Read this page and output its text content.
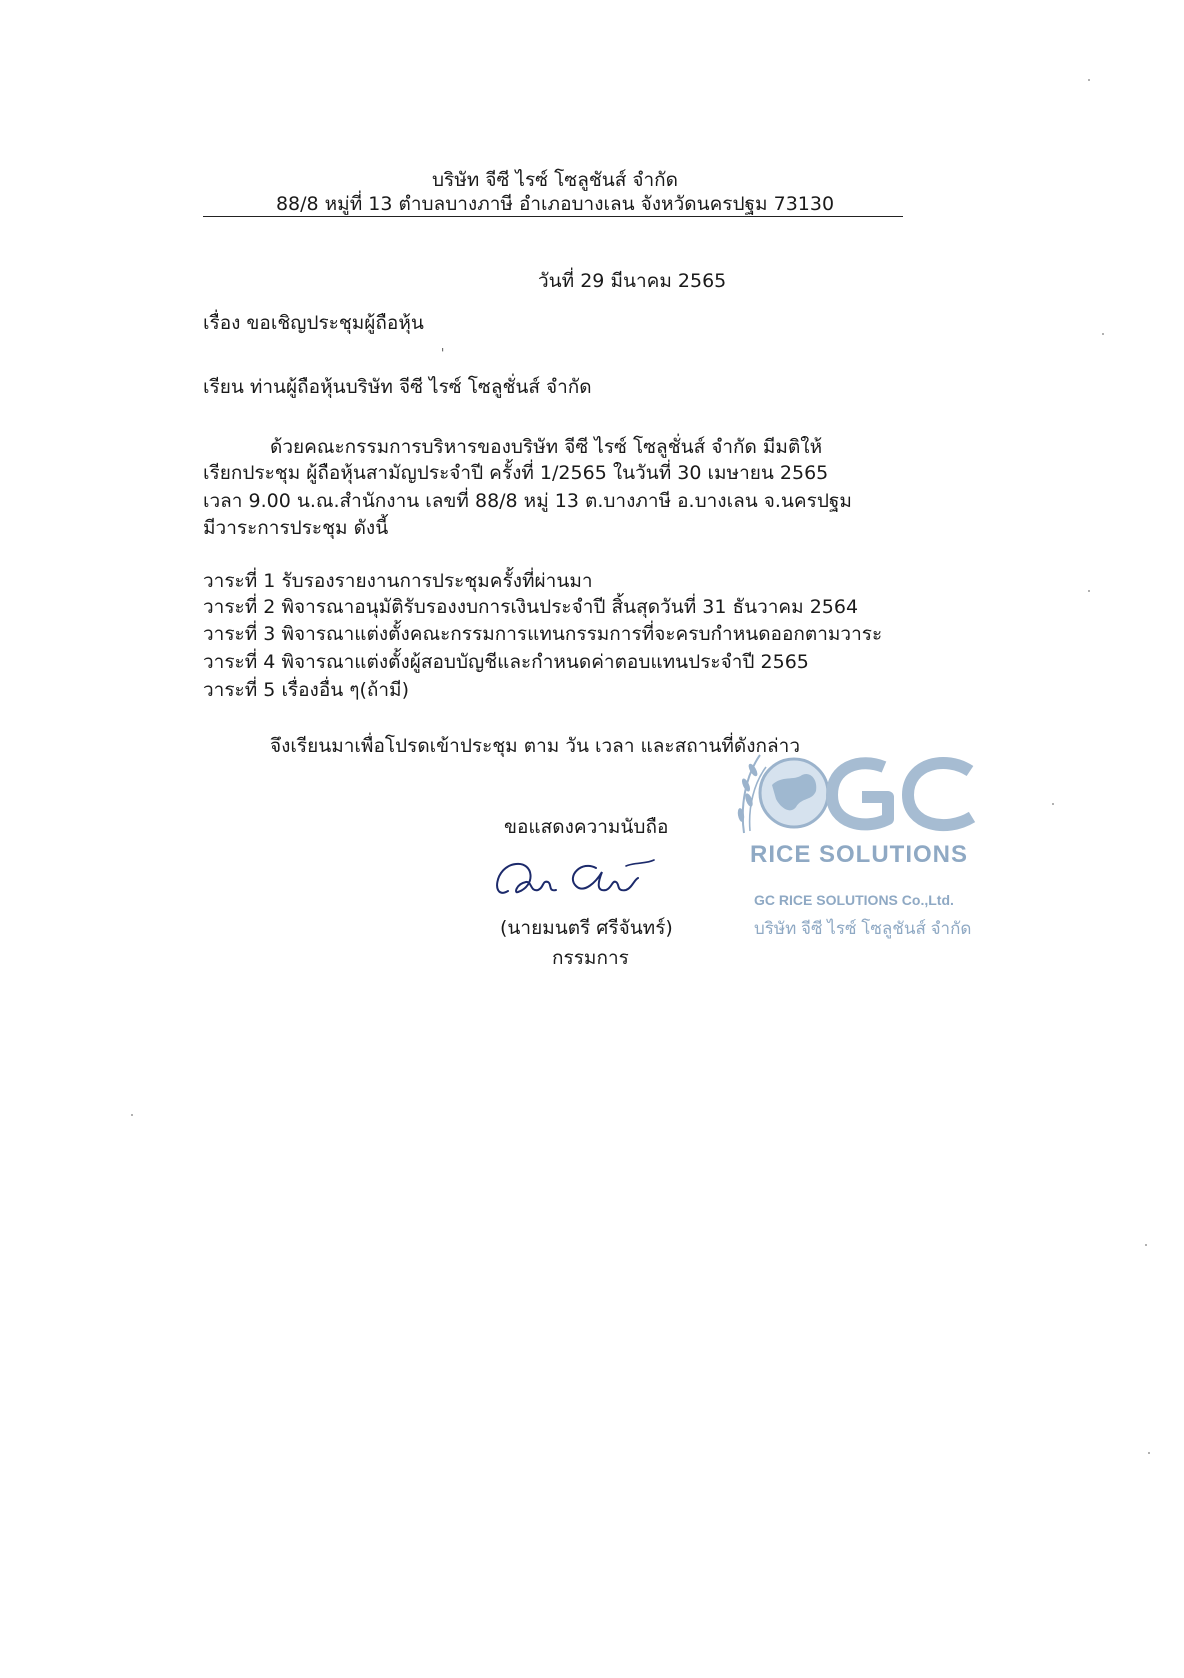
บริษัท จีซี ไรซ์ โซลูชันส์ จำกัด
88/8 หมู่ที่ 13 ตำบลบางภาษี อำเภอบางเลน จังหวัดนครปฐม 73130
วันที่ 29 มีนาคม 2565
เรื่อง ขอเชิญประชุมผู้ถือหุ้น
'
เรียน ท่านผู้ถือหุ้นบริษัท จีซี ไรซ์ โซลูชั่นส์ จำกัด
ด้วยคณะกรรมการบริหารของบริษัท จีซี ไรซ์ โซลูชั่นส์ จำกัด มีมติให้
เรียกประชุม ผู้ถือหุ้นสามัญประจำปี ครั้งที่ 1/2565 ในวันที่ 30 เมษายน 2565
เวลา 9.00 น.ณ.สำนักงาน เลขที่ 88/8 หมู่ 13 ต.บางภาษี อ.บางเลน จ.นครปฐม
มีวาระการประชุม ดังนี้
วาระที่ 1 รับรองรายงานการประชุมครั้งที่ผ่านมา
วาระที่ 2 พิจารณาอนุมัติรับรองงบการเงินประจำปี สิ้นสุดวันที่ 31 ธันวาคม 2564
วาระที่ 3 พิจารณาแต่งตั้งคณะกรรมการแทนกรรมการที่จะครบกำหนดออกตามวาระ
วาระที่ 4 พิจารณาแต่งตั้งผู้สอบบัญชีและกำหนดค่าตอบแทนประจำปี 2565
วาระที่ 5 เรื่องอื่น ๆ(ถ้ามี)
จึงเรียนมาเพื่อโปรดเข้าประชุม ตาม วัน เวลา และสถานที่ดังกล่าว
ขอแสดงความนับถือ
(นายมนตรี ศรีจันทร์)
กรรมการ
RICE SOLUTIONS
GC RICE SOLUTIONS Co.,Ltd.
บริษัท จีซี ไรซ์ โซลูชันส์ จำกัด
